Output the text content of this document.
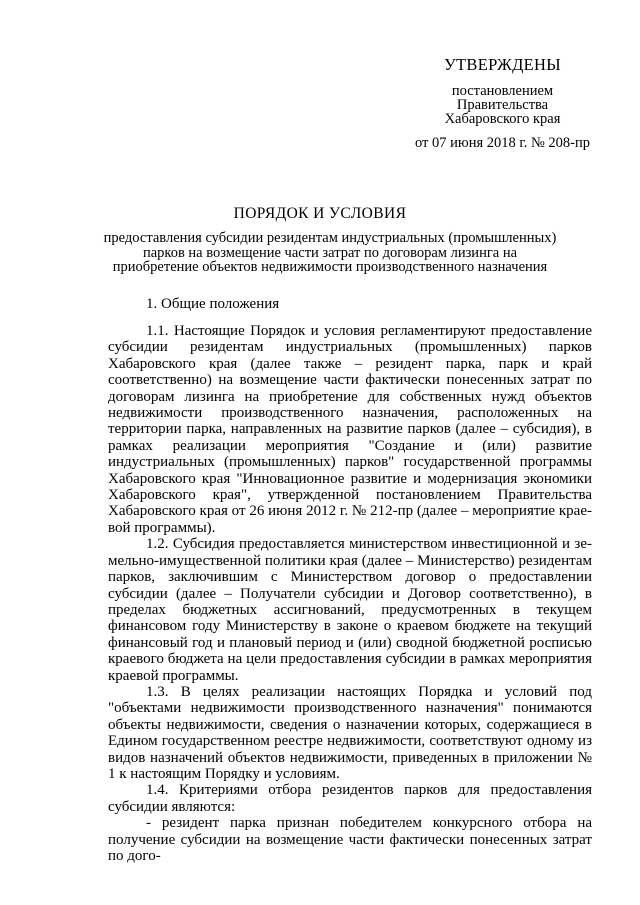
УТВЕРЖДЕНЫ
постановлением
Правительства
Хабаровского края
от 07 июня 2018 г. № 208-пр
ПОРЯДОК И УСЛОВИЯ
предоставления субсидии резидентам индустриальных (промышленных) парков на возмещение части затрат по договорам лизинга на приобретение объектов недвижимости производственного назначения
1. Общие положения

1.1. Настоящие Порядок и условия регламентируют предоставление субсидии резидентам индустриальных (промышленных) парков Хабаровского края (далее также – резидент парка, парк и край соответственно) на возмещение части фактически понесенных затрат по договорам лизинга на приобретение для собственных нужд объектов недвижимости производственного назначения, расположенных на территории парка, направленных на развитие парков (далее – субсидия), в рамках реализации мероприятия "Создание и (или) развитие индустриальных (промышленных) парков" государственной программы Хабаровского края "Инновационное развитие и модернизация экономики Хабаровского края", утвержденной постановлением Правительства Хабаровского края от 26 июня 2012 г. № 212-пр (далее – мероприятие краевой программы).

1.2. Субсидия предоставляется министерством инвестиционной и земельно-имущественной политики края (далее – Министерство) резидентам парков, заключившим с Министерством договор о предоставлении субсидии (далее – Получатели субсидии и Договор соответственно), в пределах бюджетных ассигнований, предусмотренных в текущем финансовом году Министерству в законе о краевом бюджете на текущий финансовый год и плановый период и (или) сводной бюджетной росписью краевого бюджета на цели предоставления субсидии в рамках мероприятия краевой программы.

1.3. В целях реализации настоящих Порядка и условий под "объектами недвижимости производственного назначения" понимаются объекты недвижимости, сведения о назначении которых, содержащиеся в Едином государственном реестре недвижимости, соответствуют одному из видов назначений объектов недвижимости, приведенных в приложении № 1 к настоящим Порядку и условиям.

1.4. Критериями отбора резидентов парков для предоставления субсидии являются:

- резидент парка признан победителем конкурсного отбора на получение субсидии на возмещение части фактически понесенных затрат по дого-
